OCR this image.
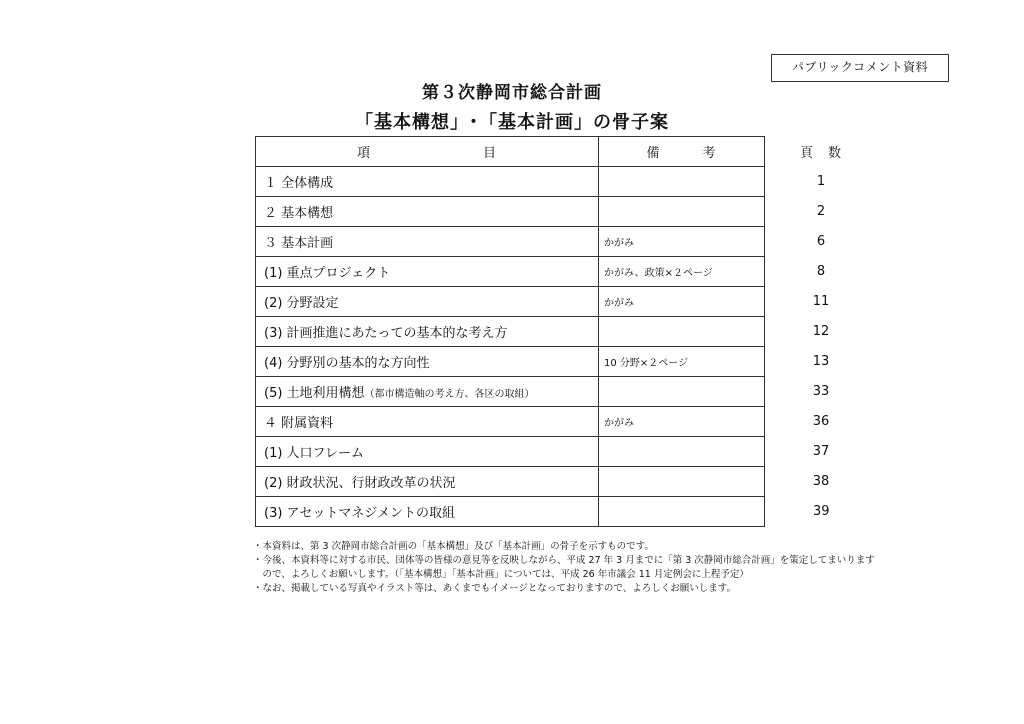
パブリックコメント資料
第３次静岡市総合計画
「基本構想」･「基本計画」の骨子案
項　　　　　　　　目	備　　　考	頁　数
１ 全体構成		1
２ 基本構想		2
３ 基本計画	かがみ	6
(1) 重点プロジェクト	かがみ、政策×２ページ	8
(2) 分野設定	かがみ	11
(3) 計画推進にあたっての基本的な考え方		12
(4) 分野別の基本的な方向性	10 分野×２ページ	13
(5) 土地利用構想（都市構造軸の考え方、各区の取組）		33
４ 附属資料	かがみ	36
(1) 人口フレーム		37
(2) 財政状況、行財政改革の状況		38
(3) アセットマネジメントの取組		39
・本資料は、第 3 次静岡市総合計画の「基本構想」及び「基本計画」の骨子を示すものです。
・今後、本資料等に対する市民、団体等の皆様の意見等を反映しながら、平成 27 年 3 月までに「第 3 次静岡市総合計画」を策定してまいります
　ので、よろしくお願いします。（「基本構想」「基本計画」については、平成 26 年市議会 11 月定例会に上程予定）
・なお、掲載している写真やイラスト等は、あくまでもイメージとなっておりますので、よろしくお願いします。
